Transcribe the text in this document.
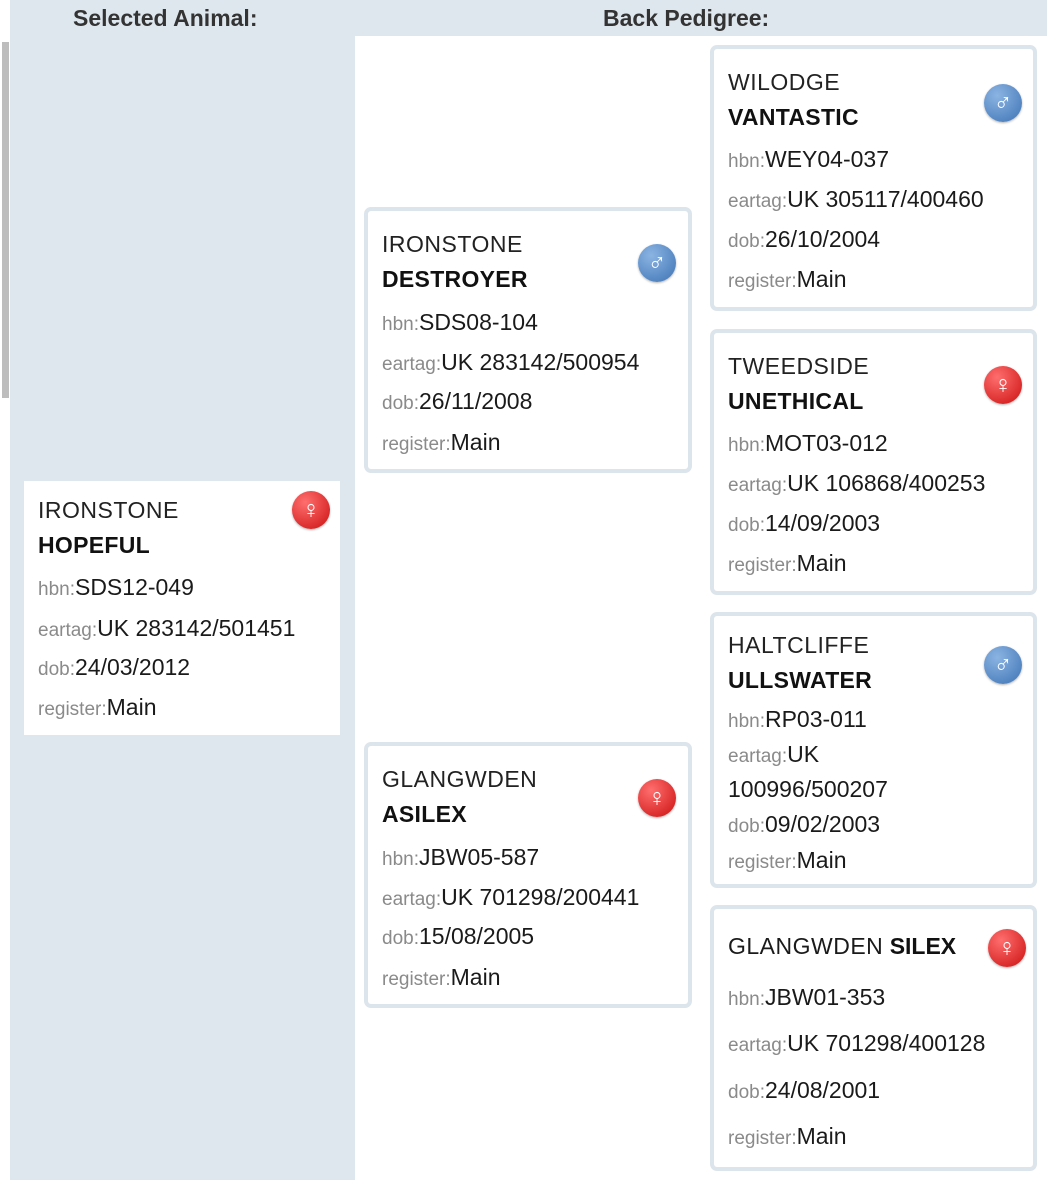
Selected Animal:	Back Pedigree:
IRONSTONE
HOPEFUL
hbn:SDS12-049
eartag:UK 283142/501451
dob:24/03/2012
register:Main
♀
IRONSTONE
DESTROYER
hbn:SDS08-104
eartag:UK 283142/500954
dob:26/11/2008
register:Main
♂
GLANGWDEN
ASILEX
hbn:JBW05-587
eartag:UK 701298/200441
dob:15/08/2005
register:Main
♀
WILODGE
VANTASTIC
hbn:WEY04-037
eartag:UK 305117/400460
dob:26/10/2004
register:Main
♂
TWEEDSIDE
UNETHICAL
hbn:MOT03-012
eartag:UK 106868/400253
dob:14/09/2003
register:Main
♀
HALTCLIFFE
ULLSWATER
hbn:RP03-011
eartag:UK
100996/500207
dob:09/02/2003
register:Main
♂
GLANGWDEN SILEX
hbn:JBW01-353
eartag:UK 701298/400128
dob:24/08/2001
register:Main
♀
